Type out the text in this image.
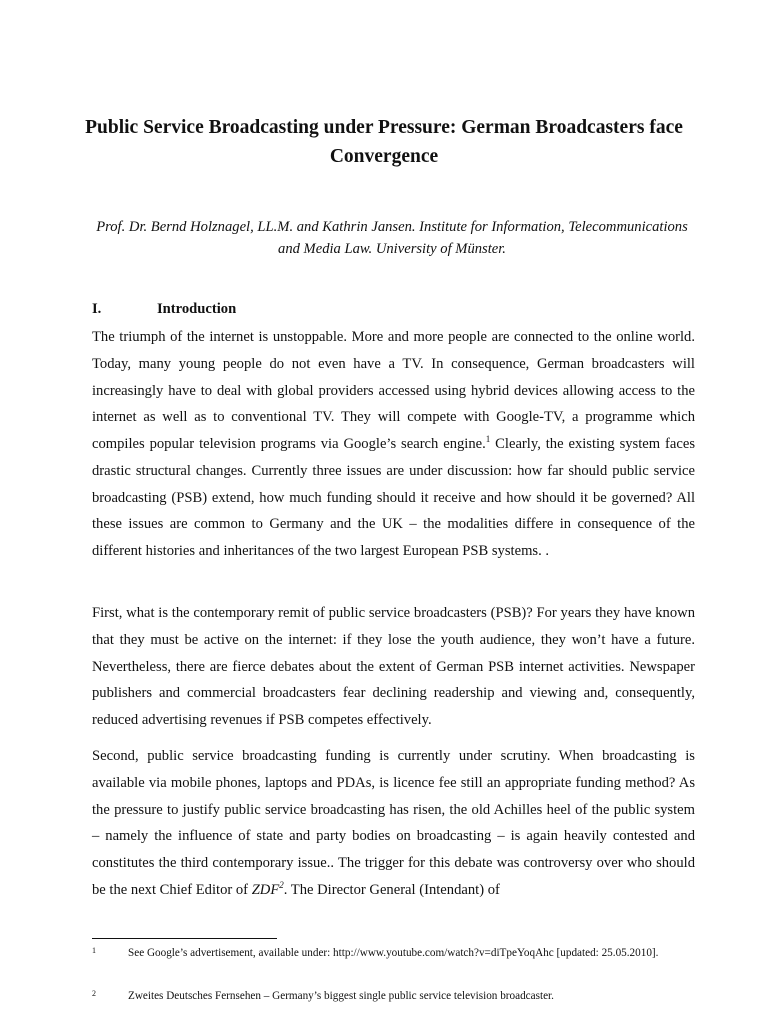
Public Service Broadcasting under Pressure: German Broadcasters face Convergence

Prof. Dr. Bernd Holznagel, LL.M. and Kathrin Jansen. Institute for Information, Telecommunications and Media Law. University of Münster.

I.	Introduction

The triumph of the internet is unstoppable. More and more people are connected to the online world. Today, many young people do not even have a TV. In consequence, German broadcasters will increasingly have to deal with global providers accessed using hybrid devices allowing access to the internet as well as to conventional TV. They will compete with Google-TV, a programme which compiles popular television programs via Google’s search engine.$^1$ Clearly, the existing system faces drastic structural changes. Currently three issues are under discussion: how far should public service broadcasting (PSB) extend, how much funding should it receive and how should it be governed? All these issues are common to Germany and the UK – the modalities differe in consequence of the different histories and inheritances of the two largest European PSB systems. .

First, what is the contemporary remit of public service broadcasters (PSB)? For years they have known that they must be active on the internet: if they lose the youth audience, they won’t have a future. Nevertheless, there are fierce debates about the extent of German PSB internet activities. Newspaper publishers and commercial broadcasters fear declining readership and viewing and, consequently, reduced advertising revenues if PSB competes effectively.

Second, public service broadcasting funding is currently under scrutiny. When broadcasting is available via mobile phones, laptops and PDAs, is licence fee still an appropriate funding method? As the pressure to justify public service broadcasting has risen, the old Achilles heel of the public system – namely the influence of state and party bodies on broadcasting – is again heavily contested and constitutes the third contemporary issue.. The trigger for this debate was controversy over who should be the next Chief Editor of ZDF$^2$. The Director General (Intendant) of

1	See Google’s advertisement, available under: http://www.youtube.com/watch?v=diTpeYoqAhc [updated: 25.05.2010].
2	Zweites Deutsches Fernsehen – Germany’s biggest single public service television broadcaster.
